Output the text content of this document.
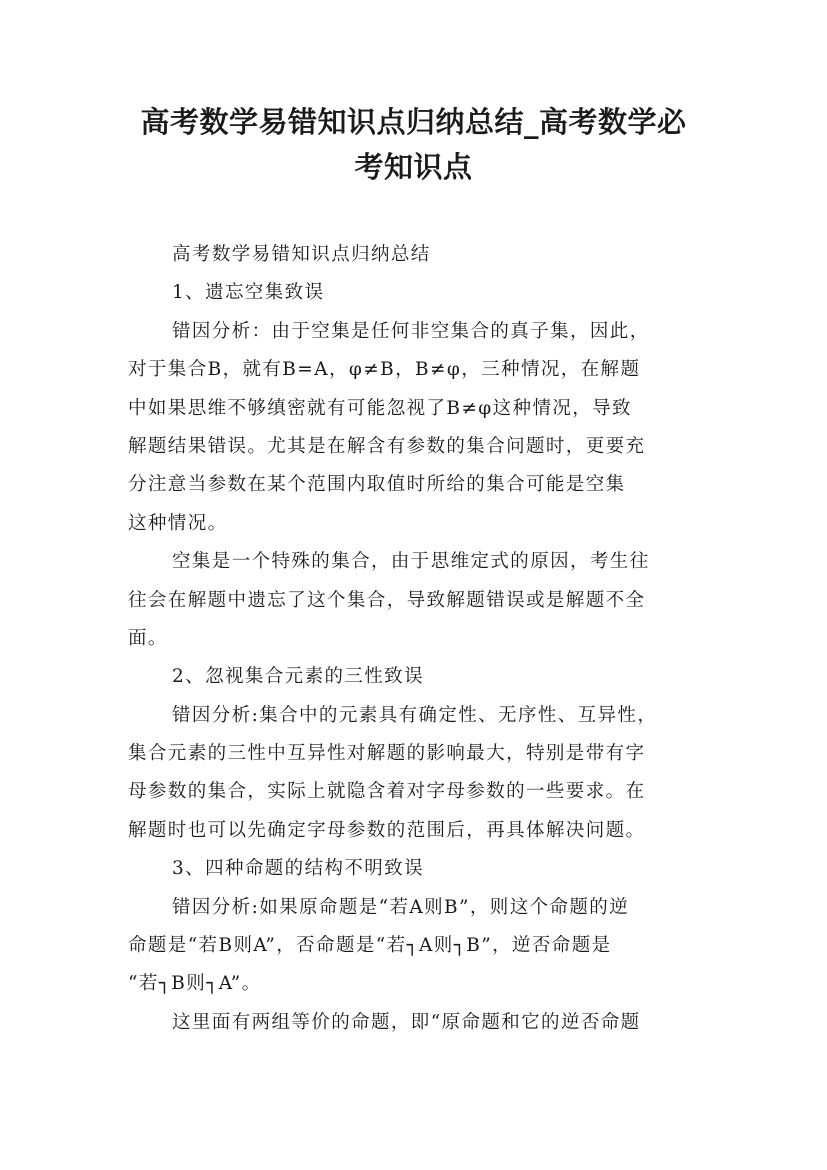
高考数学易错知识点归纳总结_高考数学必
考知识点
高考数学易错知识点归纳总结
1、遗忘空集致误
错因分析：由于空集是任何非空集合的真子集，因此，
对于集合B，就有B=A，φ≠B，B≠φ，三种情况，在解题
中如果思维不够缜密就有可能忽视了B≠φ这种情况，导致
解题结果错误。尤其是在解含有参数的集合问题时，更要充
分注意当参数在某个范围内取值时所给的集合可能是空集
这种情况。
空集是一个特殊的集合，由于思维定式的原因，考生往
往会在解题中遗忘了这个集合，导致解题错误或是解题不全
面。
2、忽视集合元素的三性致误
错因分析:集合中的元素具有确定性、无序性、互异性，
集合元素的三性中互异性对解题的影响最大，特别是带有字
母参数的集合，实际上就隐含着对字母参数的一些要求。在
解题时也可以先确定字母参数的范围后，再具体解决问题。
3、四种命题的结构不明致误
错因分析:如果原命题是“若A则B”，则这个命题的逆
命题是“若B则A”，否命题是“若┐A则┐B”，逆否命题是
“若┐B则┐A”。
这里面有两组等价的命题，即“原命题和它的逆否命题
